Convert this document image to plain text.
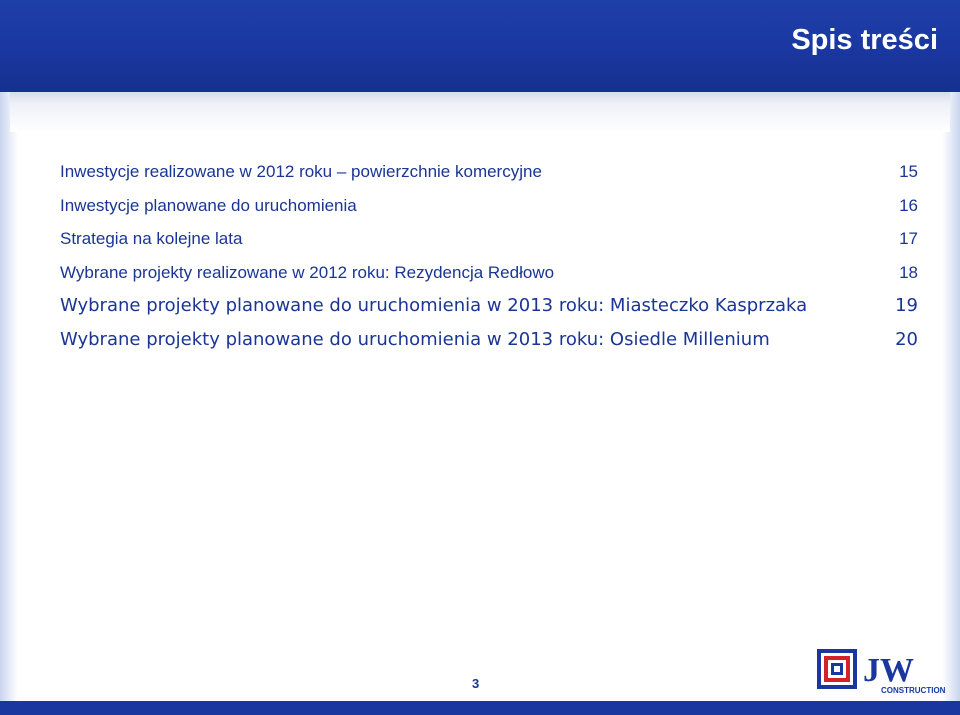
Spis treści
Inwestycje realizowane w 2012 roku – powierzchnie komercyjne	15
Inwestycje planowane do uruchomienia	16
Strategia na kolejne lata	17
Wybrane projekty realizowane w 2012 roku: Rezydencja Redłowo	18
Wybrane projekty planowane do uruchomienia w 2013 roku: Miasteczko Kasprzaka	19
Wybrane projekty planowane do uruchomienia w 2013 roku: Osiedle Millenium	20
3	JW
CONSTRUCTION
